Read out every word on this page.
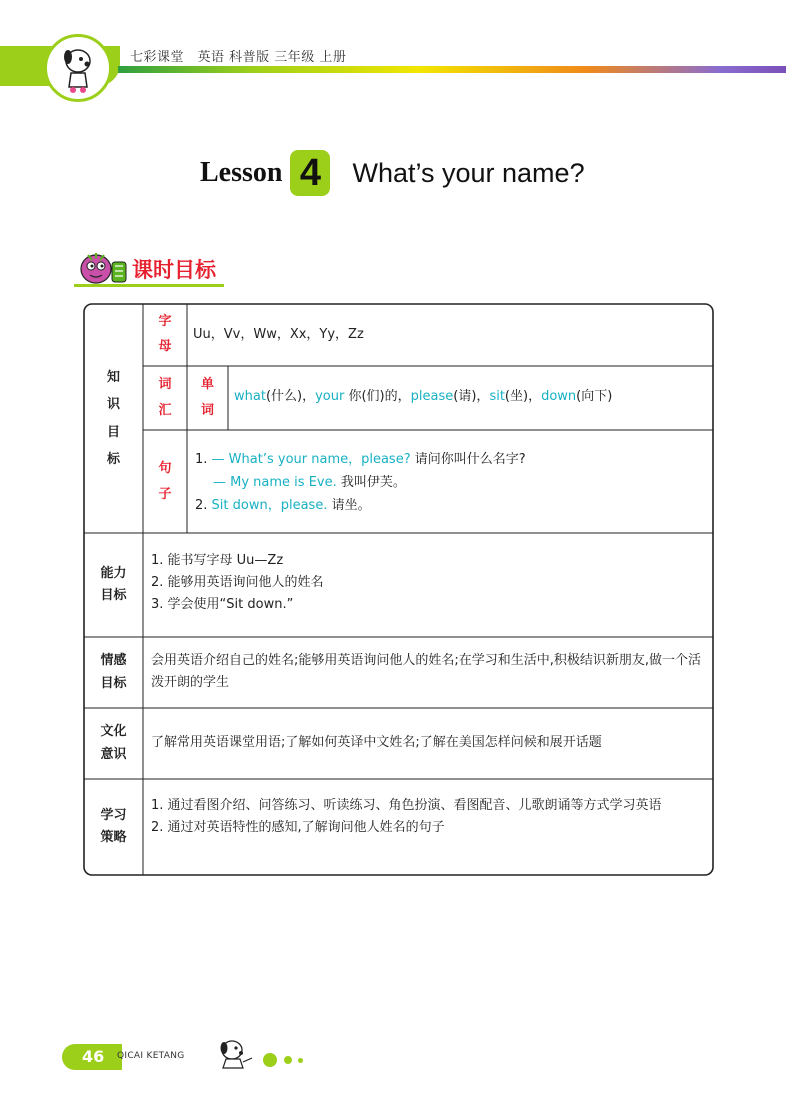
七彩课堂　英语 科普版 三年级 上册
Lesson 4	What’s your name?
课时目标
知识目标
字母
Uu，Vv，Ww，Xx，Yy，Zz
词汇
单词
what(什么)，your 你(们)的，please(请)，sit(坐)，down(向下)
句子
1. — What’s your name，please? 请问你叫什么名字?
— My name is Eve. 我叫伊芙。
2. Sit down，please. 请坐。
能力目标
1. 能书写字母 Uu—Zz
2. 能够用英语询问他人的姓名
3. 学会使用“Sit down.”
情感目标
会用英语介绍自己的姓名;能够用英语询问他人的姓名;在学习和生活中,积极结识新朋友,做一个活泼开朗的学生
文化意识
了解常用英语课堂用语;了解如何英译中文姓名;了解在美国怎样问候和展开话题
学习策略
1. 通过看图介绍、问答练习、听读练习、角色扮演、看图配音、儿歌朗诵等方式学习英语
2. 通过对英语特性的感知,了解询问他人姓名的句子
46 QICAI KETANG
